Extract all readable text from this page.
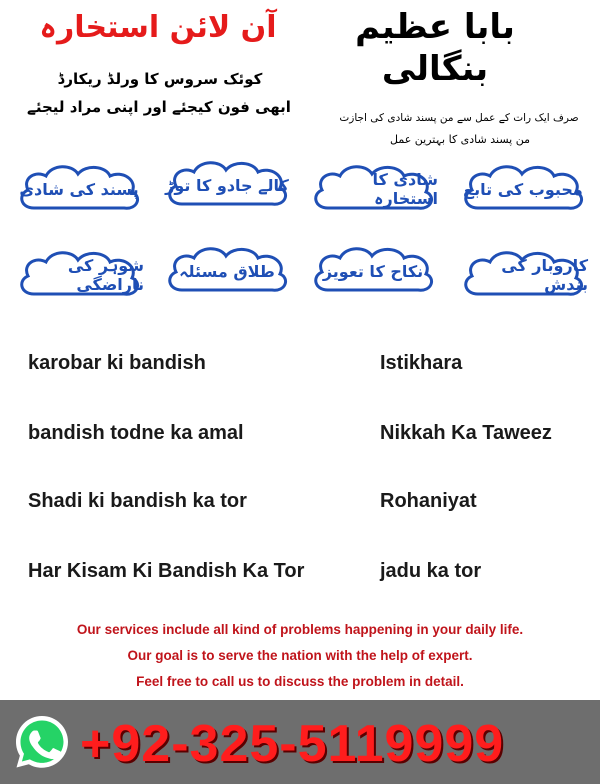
بابا عظیم
بنگالی
آن لائن استخارہ
کوئک سروس کا ورلڈ ریکارڈ
ابھی فون کیجئے اور اپنی مراد لیجئے
صرف ایک رات کے عمل سے من پسند شادی کی اجازت
من پسند شادی کا بہترین عمل
پسند کی شادی	کالے جادو کا توڑ	شادی کا استخارہ	محبوب کی تابع
شوہر کی ناراضگی
طلاق مسئلہ	نکاح کا تعویز	کاروبار کی بندش
karobar ki bandish
bandish todne ka amal
Shadi ki bandish ka tor
Har Kisam Ki Bandish Ka Tor
Istikhara
Nikkah Ka Taweez
Rohaniyat
jadu ka tor
Our services include all kind of problems happening in your daily life.
Our goal is to serve the nation with the help of expert.
Feel free to call us to discuss the problem in detail.
+92-325-5119999
